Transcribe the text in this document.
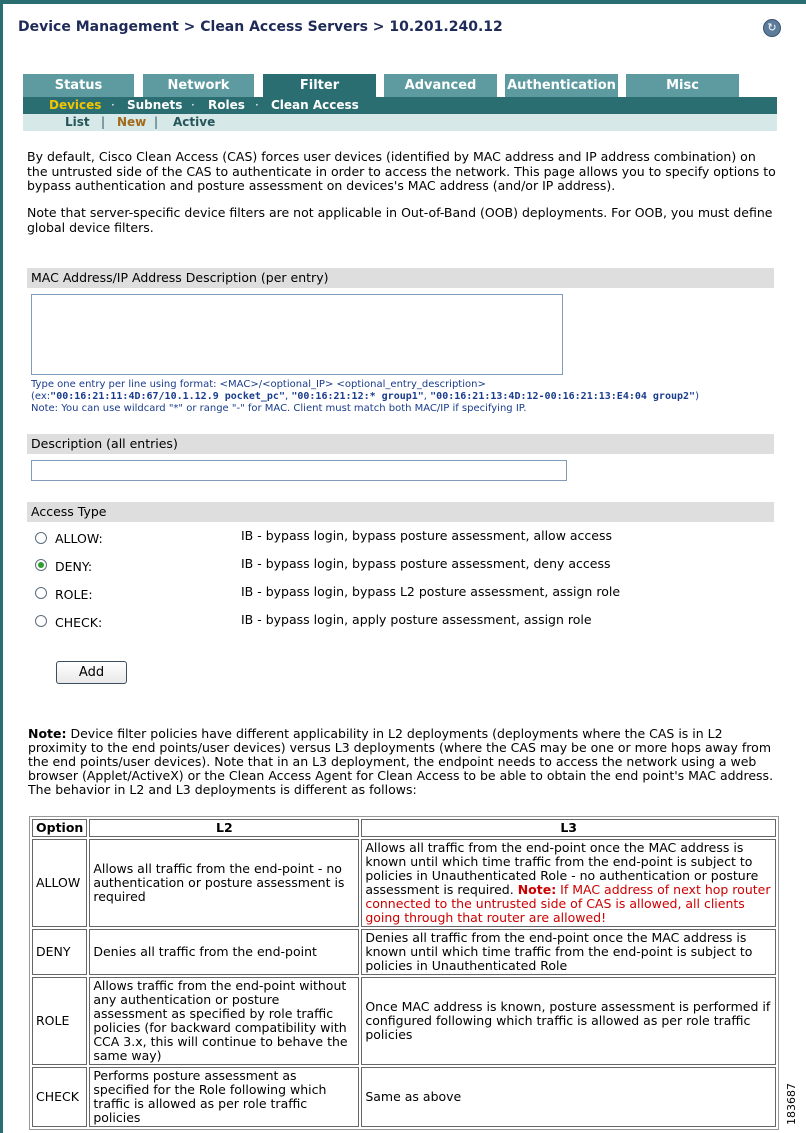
Device Management > Clean Access Servers > 10.201.240.12	↻
Status	Network	Filter	Advanced	Authentication	Misc
Devices · Subnets · Roles · Clean Access
List | New | Active
By default, Cisco Clean Access (CAS) forces user devices (identified by MAC address and IP address combination) on the untrusted side of the CAS to authenticate in order to access the network. This page allows you to specify options to bypass authentication and posture assessment on devices's MAC address (and/or IP address).
Note that server-specific device filters are not applicable in Out-of-Band (OOB) deployments. For OOB, you must define global device filters.
MAC Address/IP Address Description (per entry)
Type one entry per line using format: <MAC>/<optional_IP> <optional_entry_description>
(ex:"00:16:21:11:4D:67/10.1.12.9 pocket_pc", "00:16:21:12:* group1", "00:16:21:13:4D:12-00:16:21:13:E4:04 group2")
Note: You can use wildcard "*" or range "-" for MAC. Client must match both MAC/IP if specifying IP.
Description (all entries)
Access Type
ALLOW:	IB - bypass login, bypass posture assessment, allow access
DENY:	IB - bypass login, bypass posture assessment, deny access
ROLE:	IB - bypass login, bypass L2 posture assessment, assign role
CHECK:	IB - bypass login, apply posture assessment, assign role
Add
Note: Device filter policies have different applicability in L2 deployments (deployments where the CAS is in L2 proximity to the end points/user devices) versus L3 deployments (where the CAS may be one or more hops away from the end points/user devices). Note that in an L3 deployment, the endpoint needs to access the network using a web browser (Applet/ActiveX) or the Clean Access Agent for Clean Access to be able to obtain the end point's MAC address. The behavior in L2 and L3 deployments is different as follows:
Option	L2	L3
ALLOW	Allows all traffic from the end-point - no authentication or posture assessment is required	Allows all traffic from the end-point once the MAC address is known until which time traffic from the end-point is subject to policies in Unauthenticated Role - no authentication or posture assessment is required. Note: If MAC address of next hop router connected to the untrusted side of CAS is allowed, all clients going through that router are allowed!
DENY	Denies all traffic from the end-point	Denies all traffic from the end-point once the MAC address is known until which time traffic from the end-point is subject to policies in Unauthenticated Role
ROLE	Allows traffic from the end-point without any authentication or posture assessment as specified by role traffic policies (for backward compatibility with CCA 3.x, this will continue to behave the same way)	Once MAC address is known, posture assessment is performed if configured following which traffic is allowed as per role traffic policies
CHECK	Performs posture assessment as specified for the Role following which traffic is allowed as per role traffic policies	Same as above	183687
